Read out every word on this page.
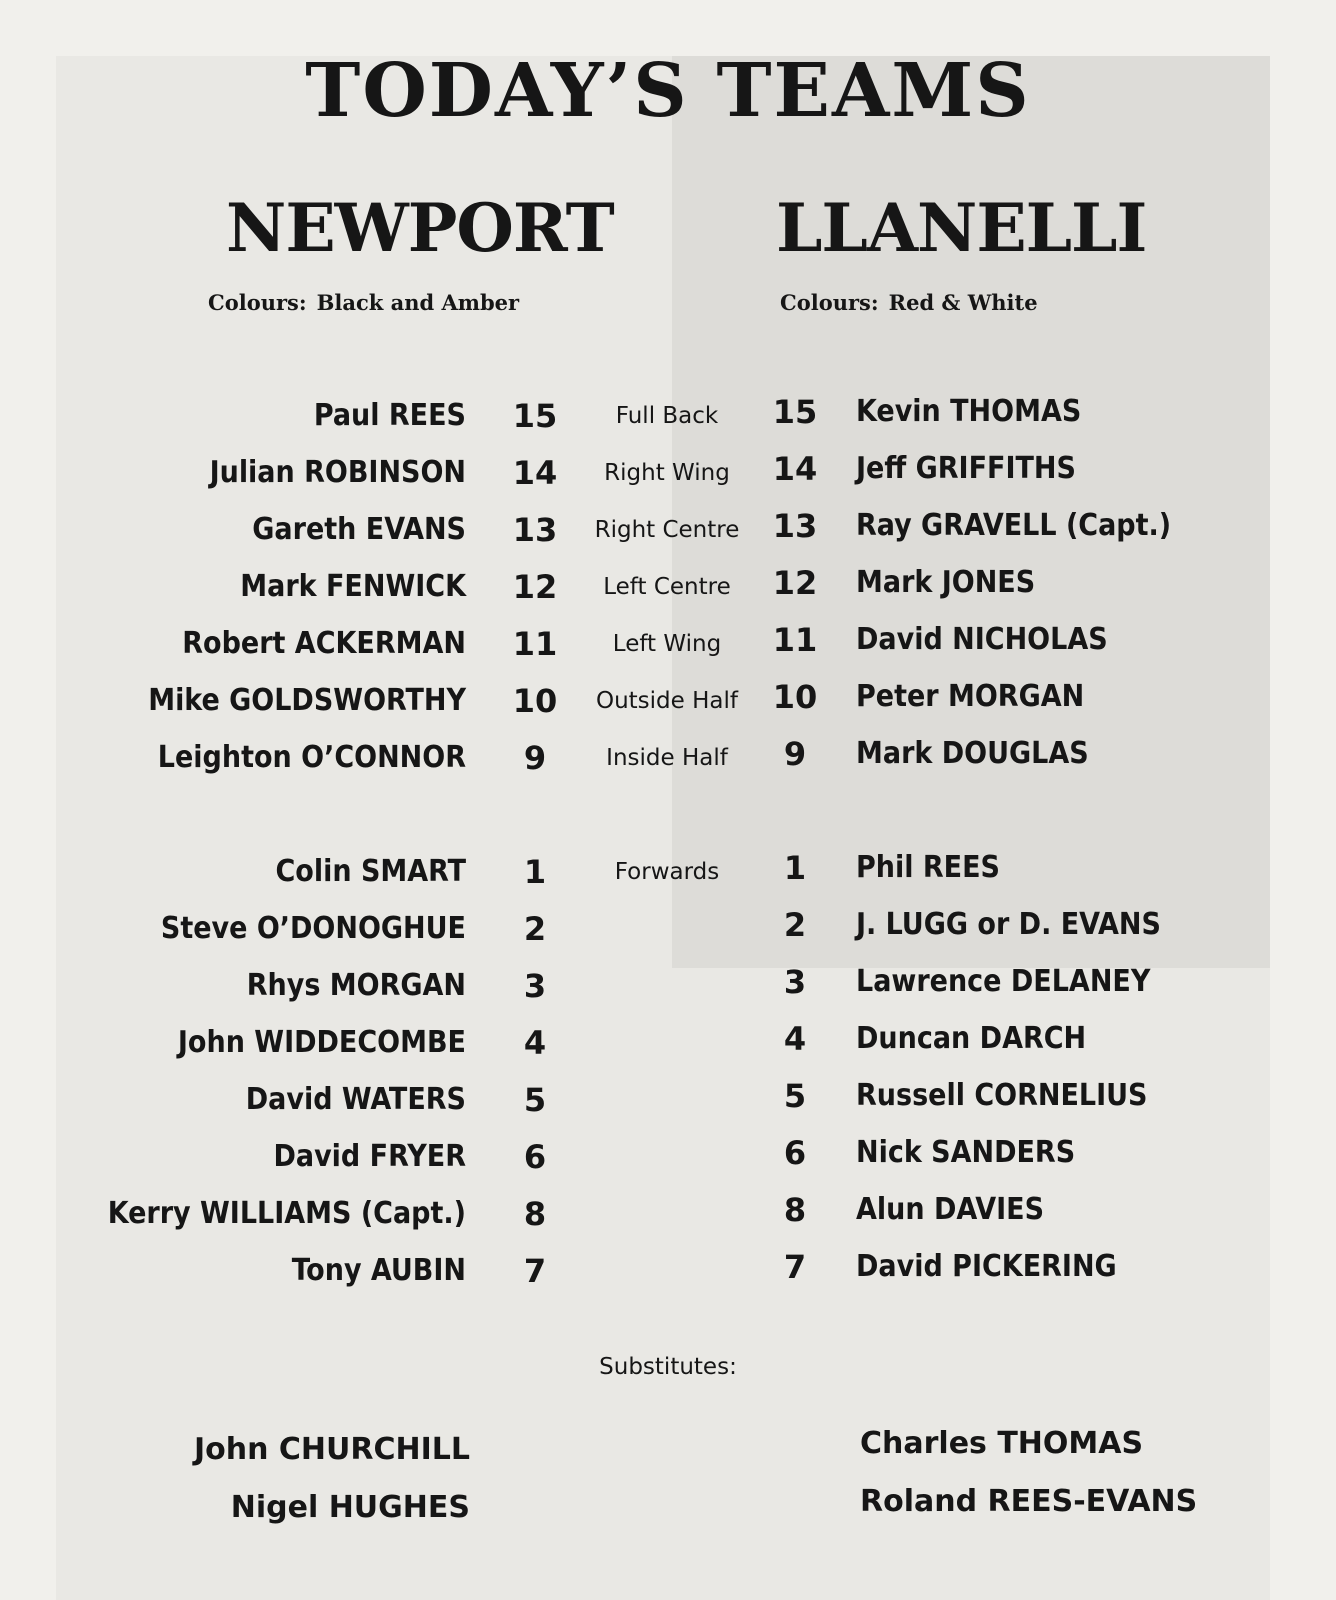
TODAY’S TEAMS
NEWPORT LLANELLI
Colours: Black and Amber	Colours: Red & White
Paul REES 15	Full Back	15 Kevin THOMAS
Julian ROBINSON 14	Right Wing	14 Jeff GRIFFITHS
Gareth EVANS 13	Right Centre	13 Ray GRAVELL (Capt.)
Mark FENWICK 12	Left Centre	12 Mark JONES
Robert ACKERMAN 11	Left Wing	11 David NICHOLAS
Mike GOLDSWORTHY 10	Outside Half	10 Peter MORGAN
Leighton O’CONNOR	9	Inside Half	9	Mark DOUGLAS
Colin SMART	1	Forwards	1	Phil REES
Steve O’DONOGHUE	2	2	J. LUGG or D. EVANS
Rhys MORGAN	3	3	Lawrence DELANEY
John WIDDECOMBE	4	4	Duncan DARCH
David WATERS	5	5	Russell CORNELIUS
David FRYER	6	6	Nick SANDERS
Kerry WILLIAMS (Capt.)	8	8	Alun DAVIES
Tony AUBIN	7	7	David PICKERING
Substitutes:
John CHURCHILL
Nigel HUGHES
Charles THOMAS
Roland REES-EVANS
